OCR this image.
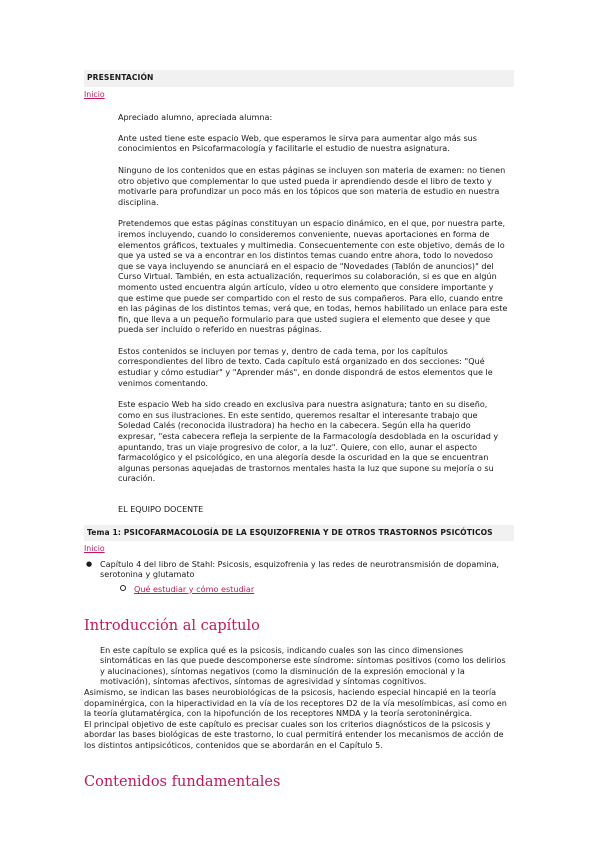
PRESENTACIÓN
Inicio
Apreciado alumno, apreciada alumna:

Ante usted tiene este espacio Web, que esperamos le sirva para aumentar algo más sus conocimientos en Psicofarmacología y facilitarle el estudio de nuestra asignatura.

Ninguno de los contenidos que en estas páginas se incluyen son materia de examen: no tienen otro objetivo que complementar lo que usted pueda ir aprendiendo desde el libro de texto y motivarle para profundizar un poco más en los tópicos que son materia de estudio en nuestra disciplina.

Pretendemos que estas páginas constituyan un espacio dinámico, en el que, por nuestra parte, iremos incluyendo, cuando lo consideremos conveniente, nuevas aportaciones en forma de elementos gráficos, textuales y multimedia. Consecuentemente con este objetivo, demás de lo que ya usted se va a encontrar en los distintos temas cuando entre ahora, todo lo novedoso que se vaya incluyendo se anunciará en el espacio de "Novedades (Tablón de anuncios)" del Curso Virtual. También, en esta actualización, requerimos su colaboración, si es que en algún momento usted encuentra algún artículo, vídeo u otro elemento que considere importante y que estime que puede ser compartido con el resto de sus compañeros. Para ello, cuando entre en las páginas de los distintos temas, verá que, en todas, hemos habilitado un enlace para este fin, que lleva a un pequeño formulario para que usted sugiera el elemento que desee y que pueda ser incluido o referido en nuestras páginas.

Estos contenidos se incluyen por temas y, dentro de cada tema, por los capítulos correspondientes del libro de texto. Cada capítulo está organizado en dos secciones: "Qué estudiar y cómo estudiar" y "Aprender más", en donde dispondrá de estos elementos que le venimos comentando.

Este espacio Web ha sido creado en exclusiva para nuestra asignatura; tanto en su diseño, como en sus ilustraciones. En este sentido, queremos resaltar el interesante trabajo que Soledad Calés (reconocida ilustradora) ha hecho en la cabecera. Según ella ha querido expresar, "esta cabecera refleja la serpiente de la Farmacología desdoblada en la oscuridad y apuntando, tras un viaje progresivo de color, a la luz". Quiere, con ello, aunar el aspecto farmacológico y el psicológico, en una alegoría desde la oscuridad en la que se encuentran algunas personas aquejadas de trastornos mentales hasta la luz que supone su mejoría o su curación.

EL EQUIPO DOCENTE
Tema 1: PSICOFARMACOLOGÍA DE LA ESQUIZOFRENIA Y DE OTROS TRASTORNOS PSICÓTICOS
Inicio
● Capítulo 4 del libro de Stahl: Psicosis, esquizofrenia y las redes de neurotransmisión de dopamina, serotonina y glutamato
Qué estudiar y cómo estudiar
Introducción al capítulo
En este capítulo se explica qué es la psicosis, indicando cuales son las cinco dimensiones sintomáticas en las que puede descomponerse este síndrome: síntomas positivos (como los delirios y alucinaciones), síntomas negativos (como la disminución de la expresión emocional y la motivación), síntomas afectivos, síntomas de agresividad y síntomas cognitivos.
Asimismo, se indican las bases neurobiológicas de la psicosis, haciendo especial hincapié en la teoría dopaminérgica, con la hiperactividad en la vía de los receptores D2 de la vía mesolímbicas, así como en la teoría glutamatérgica, con la hipofunción de los receptores NMDA y la teoría serotoninérgica.
El principal objetivo de este capítulo es precisar cuales son los criterios diagnósticos de la psicosis y abordar las bases biológicas de este trastorno, lo cual permitirá entender los mecanismos de acción de los distintos antipsicóticos, contenidos que se abordarán en el Capítulo 5.
Contenidos fundamentales
